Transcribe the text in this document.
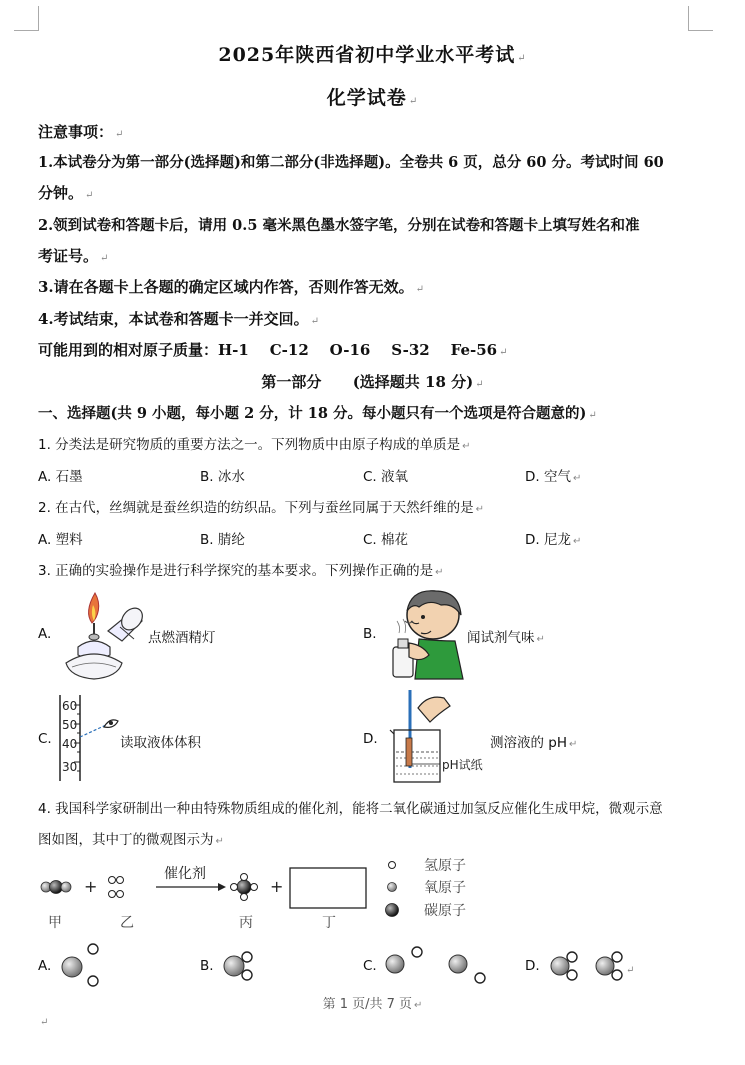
2025年陕西省初中学业水平考试 ↵
化学试卷 ↵
注意事项： ↵
1.本试卷分为第一部分(选择题)和第二部分(非选择题)。全卷共 6 页，总分 60 分。考试时间 60
分钟。 ↵
2.领到试卷和答题卡后，请用 0.5 毫米黑色墨水签字笔，分别在试卷和答题卡上填写姓名和准
考证号。 ↵
3.请在各题卡上各题的确定区域内作答，否则作答无效。 ↵
4.考试结束，本试卷和答题卡一并交回。 ↵
可能用到的相对原子质量：H-1    C-12    O-16    S-32    Fe-56 ↵
第一部分      (选择题共 18 分) ↵
一、选择题(共 9 小题，每小题 2 分，计 18 分。每小题只有一个选项是符合题意的) ↵
1. 分类法是研究物质的重要方法之一。下列物质中由原子构成的单质是 ↵
A. 石墨	B. 冰水	C. 液氧	D. 空气 ↵
2. 在古代，丝绸就是蚕丝织造的纺织品。下列与蚕丝同属于天然纤维的是 ↵
A. 塑料	B. 腈纶	C. 棉花	D. 尼龙 ↵
3. 正确的实验操作是进行科学探究的基本要求。下列操作正确的是 ↵
A.	点燃酒精灯	B.	闻试剂气味 ↵
C.
60
50
40
30
读取液体体积	D.
pH试纸
测溶液的 pH ↵
4. 我国科学家研制出一种由特殊物质组成的催化剂，能将二氧化碳通过加氢反应催化生成甲烷，微观示意
图如图，其中丁的微观图示为 ↵
+
催化剂
+
氢原子
氧原子
碳原子
甲	乙	丙	丁
A.	B.	C.	D.	↵
第 1 页/共 7 页 ↵
↵
